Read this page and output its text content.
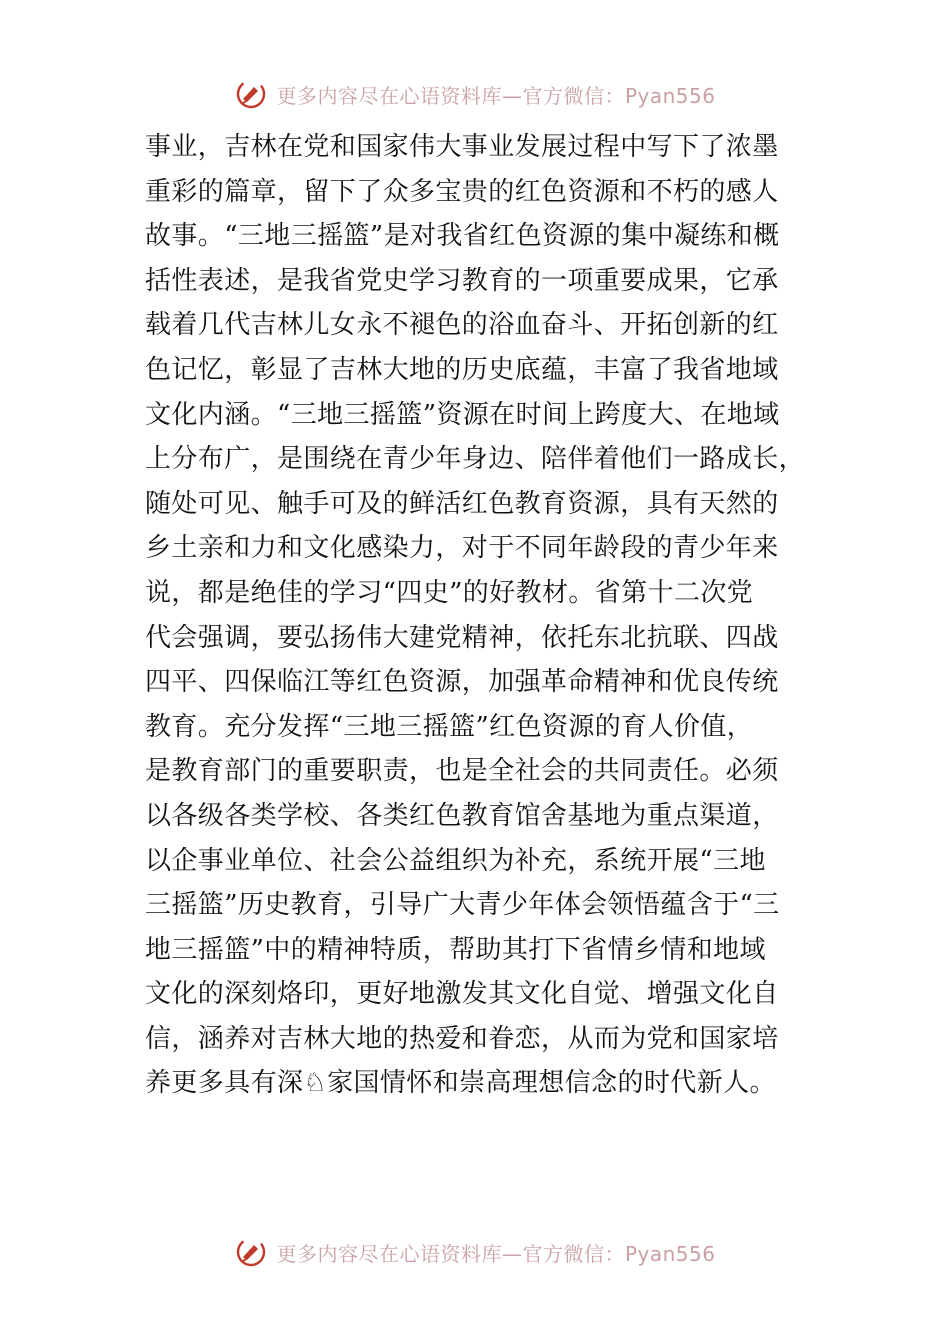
更多内容尽在心语资料库—官方微信：Pyan556
事业，吉林在党和国家伟大事业发展过程中写下了浓墨
重彩的篇章，留下了众多宝贵的红色资源和不朽的感人
故事。“三地三摇篮”是对我省红色资源的集中凝练和概
括性表述，是我省党史学习教育的一项重要成果，它承
载着几代吉林儿女永不褪色的浴血奋斗、开拓创新的红
色记忆，彰显了吉林大地的历史底蕴，丰富了我省地域
文化内涵。“三地三摇篮”资源在时间上跨度大、在地域
上分布广，是围绕在青少年身边、陪伴着他们一路成长，
随处可见、触手可及的鲜活红色教育资源，具有天然的
乡土亲和力和文化感染力，对于不同年龄段的青少年来
说，都是绝佳的学习“四史”的好教材。省第十二次党
代会强调，要弘扬伟大建党精神，依托东北抗联、四战
四平、四保临江等红色资源，加强革命精神和优良传统
教育。充分发挥“三地三摇篮”红色资源的育人价值，
是教育部门的重要职责，也是全社会的共同责任。必须
以各级各类学校、各类红色教育馆舍基地为重点渠道，
以企事业单位、社会公益组织为补充，系统开展“三地
三摇篮”历史教育，引导广大青少年体会领悟蕴含于“三
地三摇篮”中的精神特质，帮助其打下省情乡情和地域
文化的深刻烙印，更好地激发其文化自觉、增强文化自
信，涵养对吉林大地的热爱和眷恋，从而为党和国家培
养更多具有深♘家国情怀和崇高理想信念的时代新人。
更多内容尽在心语资料库—官方微信：Pyan556
